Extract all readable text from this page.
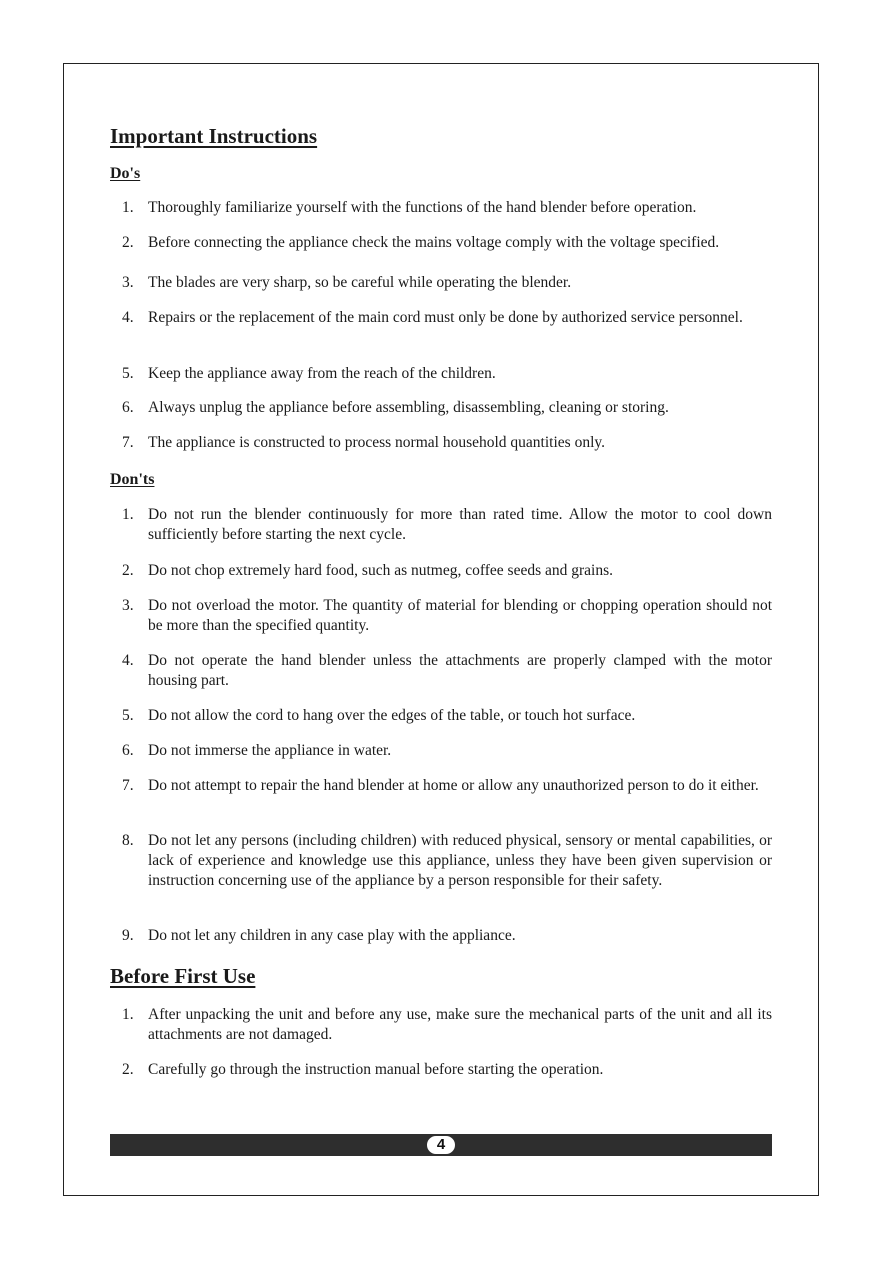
Important Instructions
Do's
1. Thoroughly familiarize yourself with the functions of the hand blender before operation.
2. Before connecting the appliance check the mains voltage comply with the voltage specified.
3. The blades are very sharp, so be careful while operating the blender.
4. Repairs or the replacement of the main cord must only be done by authorized service personnel.
5. Keep the appliance away from the reach of the children.
6. Always unplug the appliance before assembling, disassembling, cleaning or storing.
7. The appliance is constructed to process normal household quantities only.
Don'ts
1. Do not run the blender continuously for more than rated time. Allow the motor to cool down sufficiently before starting the next cycle.
2. Do not chop extremely hard food, such as nutmeg, coffee seeds and grains.
3. Do not overload the motor. The quantity of material for blending or chopping operation should not be more than the specified quantity.
4. Do not operate the hand blender unless the attachments are properly clamped with the motor housing part.
5. Do not allow the cord to hang over the edges of the table, or touch hot surface.
6. Do not immerse the appliance in water.
7. Do not attempt to repair the hand blender at home or allow any unauthorized person to do it either.
8. Do not let any persons (including children) with reduced physical, sensory or mental capabilities, or lack of experience and knowledge use this appliance, unless they have been given supervision or instruction concerning use of the appliance by a person responsible for their safety.
9. Do not let any children in any case play with the appliance.
Before First Use
1. After unpacking the unit and before any use, make sure the mechanical parts of the unit and all its attachments are not damaged.
2. Carefully go through the instruction manual before starting the operation.
4
